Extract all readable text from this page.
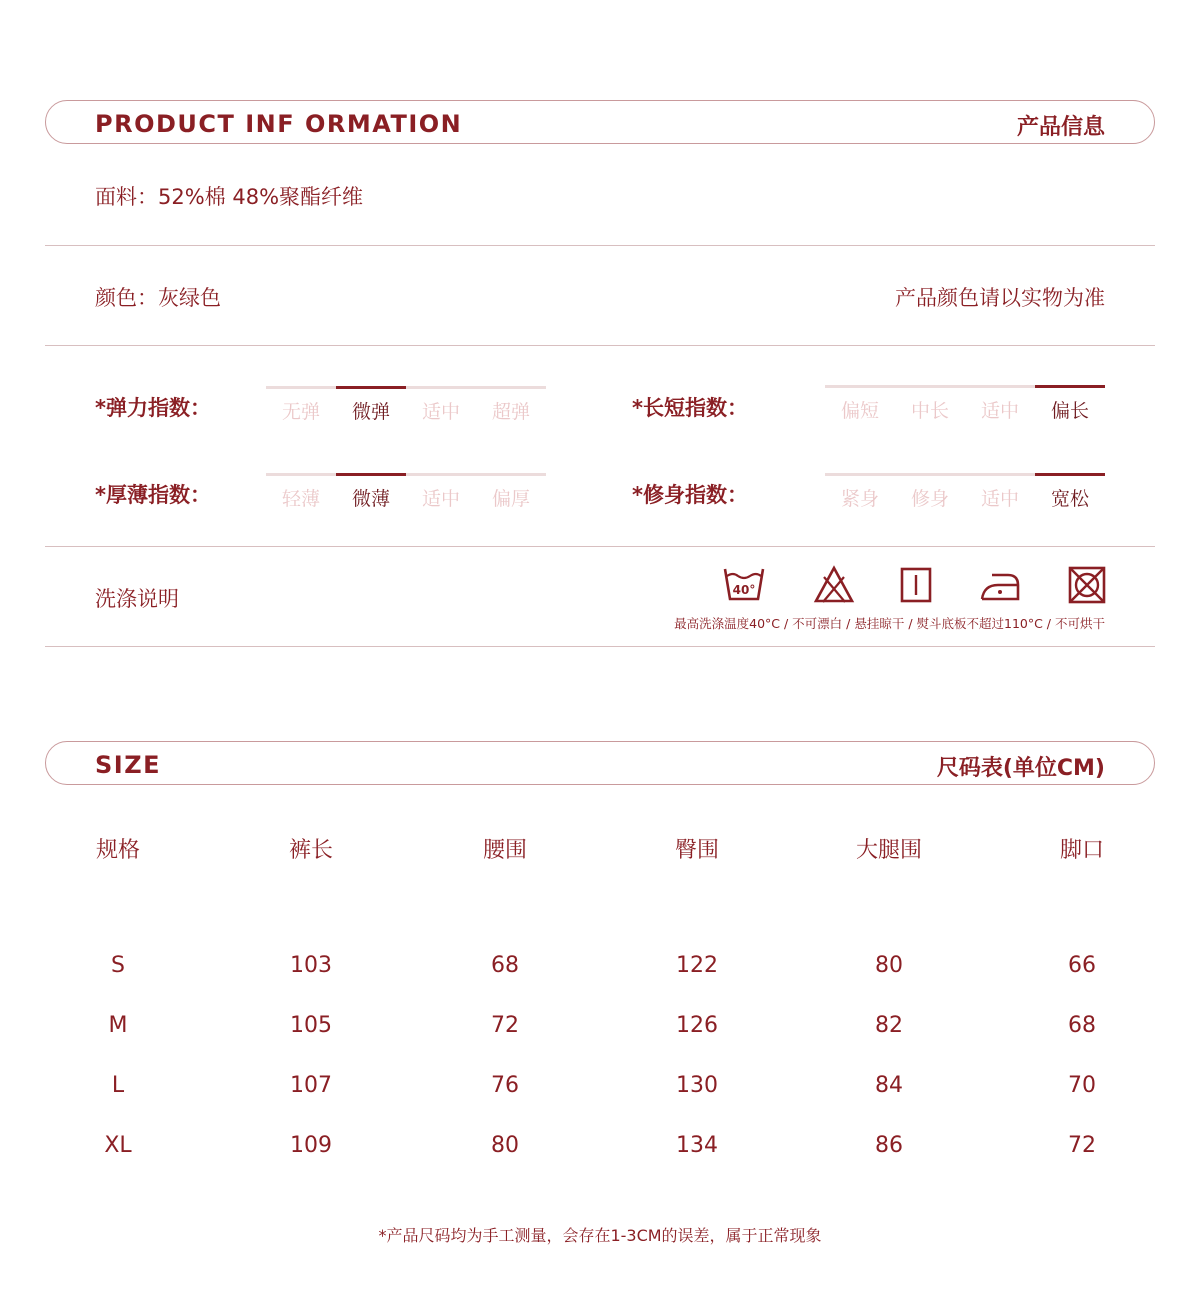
PRODUCT INF ORMATION	产品信息
面料：52%棉 48%聚酯纤维
颜色：灰绿色	产品颜色请以实物为准
*弹力指数：	无弹	微弹	适中	超弹	*长短指数：	偏短	中长	适中	偏长
*厚薄指数：	轻薄	微薄	适中	偏厚	*修身指数：	紧身	修身	适中	宽松
洗涤说明	40°
最高洗涤温度40°C / 不可漂白 / 悬挂晾干 / 熨斗底板不超过110°C / 不可烘干
SIZE	尺码表(单位CM)
规格	裤长	腰围	臀围	大腿围	脚口
S	103	68	122	80	66
M	105	72	126	82	68
L	107	76	130	84	70
XL	109	80	134	86	72
*产品尺码均为手工测量，会存在1-3CM的误差，属于正常现象
